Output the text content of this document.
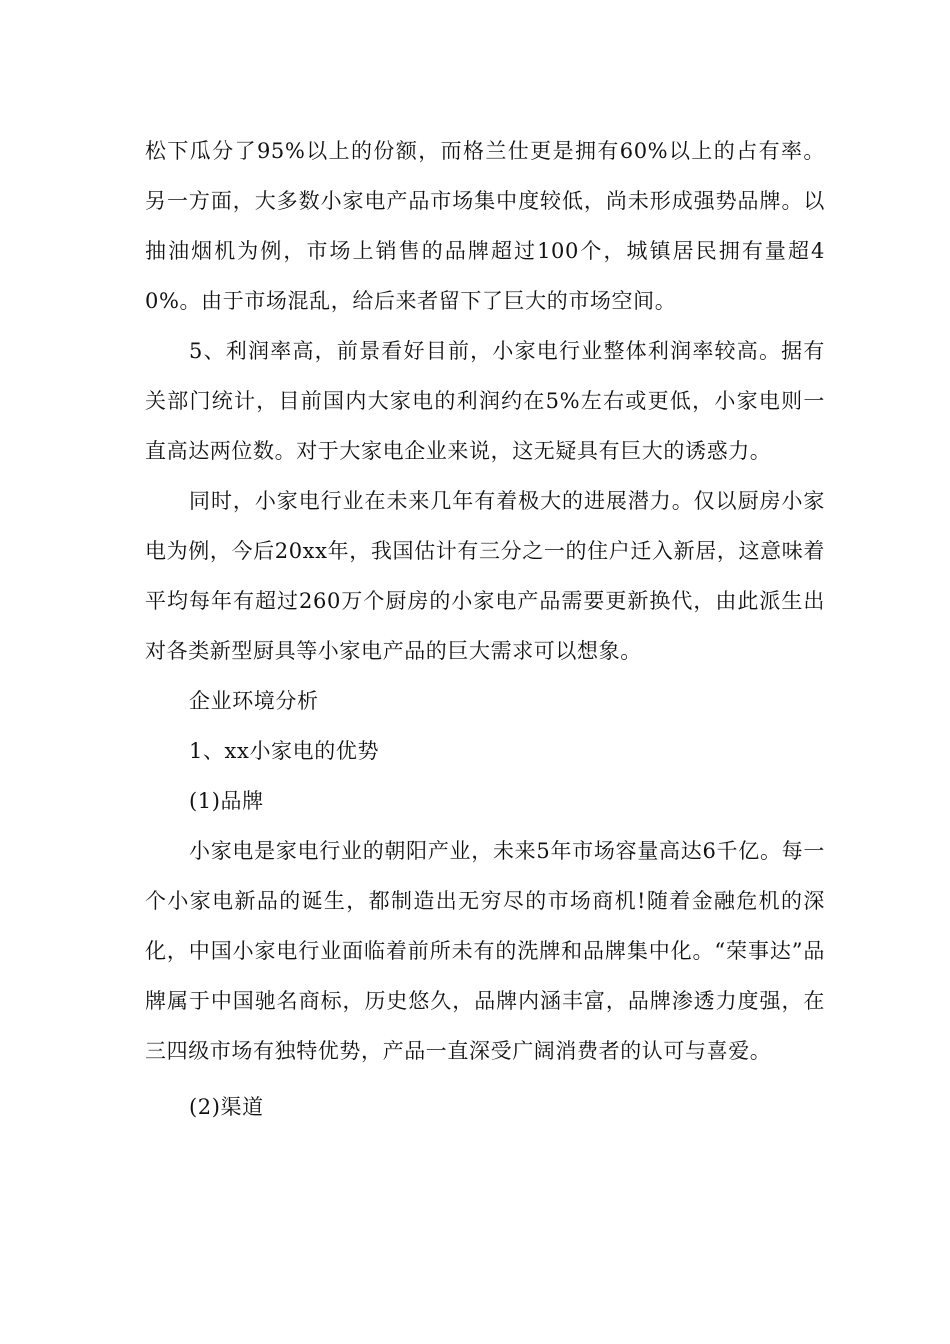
松下瓜分了95%以上的份额，而格兰仕更是拥有60%以上的占有率。另一方面，大多数小家电产品市场集中度较低，尚未形成强势品牌。以抽油烟机为例，市场上销售的品牌超过100个，城镇居民拥有量超40%。由于市场混乱，给后来者留下了巨大的市场空间。

5、利润率高，前景看好目前，小家电行业整体利润率较高。据有关部门统计，目前国内大家电的利润约在5%左右或更低，小家电则一直高达两位数。对于大家电企业来说，这无疑具有巨大的诱惑力。

同时，小家电行业在未来几年有着极大的进展潜力。仅以厨房小家电为例，今后20xx年，我国估计有三分之一的住户迁入新居，这意味着平均每年有超过260万个厨房的小家电产品需要更新换代，由此派生出对各类新型厨具等小家电产品的巨大需求可以想象。

企业环境分析

1、xx小家电的优势

(1)品牌

小家电是家电行业的朝阳产业，未来5年市场容量高达6千亿。每一个小家电新品的诞生，都制造出无穷尽的市场商机!随着金融危机的深化，中国小家电行业面临着前所未有的洗牌和品牌集中化。“荣事达”品牌属于中国驰名商标，历史悠久，品牌内涵丰富，品牌渗透力度强，在三四级市场有独特优势，产品一直深受广阔消费者的认可与喜爱。

(2)渠道
